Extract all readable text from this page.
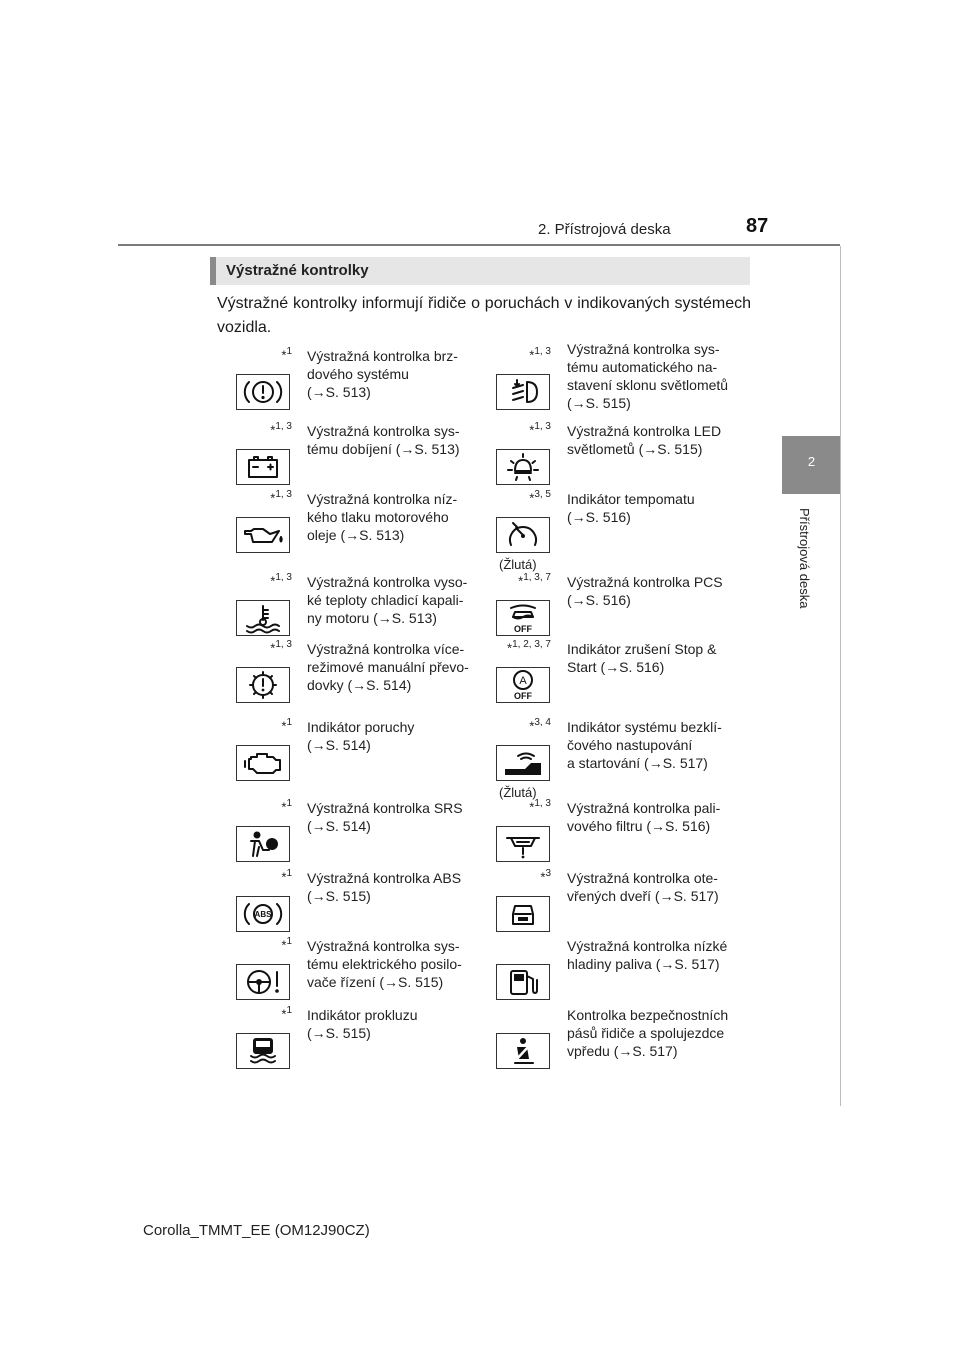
2. Přístrojová deska	87
2
Přístrojová deska
Výstražné kontrolky
Výstražné kontrolky informují řidiče o poruchách v indikovaných systémech vozidla.
*$^1$ Výstražná kontrolka brz-
dového systému
(→S. 513)
*$^{1, 3}$ Výstražná kontrolka sys-
tému dobíjení (→S. 513)
*$^{1, 3}$ Výstražná kontrolka níz-
kého tlaku motorového
oleje (→S. 513)
*$^{1, 3}$ Výstražná kontrolka vyso-
ké teploty chladicí kapali-
ny motoru (→S. 513)
*$^{1, 3}$ Výstražná kontrolka více-
režimové manuální převo-
dovky (→S. 514)
*$^1$ Indikátor poruchy
(→S. 514)
*$^1$ Výstražná kontrolka SRS
(→S. 514)
*$^1$
ABS
Výstražná kontrolka ABS
(→S. 515)
*$^1$ Výstražná kontrolka sys-
tému elektrického posilo-
vače řízení (→S. 515)
*$^1$ Indikátor prokluzu
(→S. 515)
*$^{1, 3}$ Výstražná kontrolka sys-
tému automatického na-
stavení sklonu světlometů
(→S. 515)
*$^{1, 3}$ Výstražná kontrolka LED
světlometů (→S. 515)
*$^{3, 5}$
(Žlutá)
Indikátor tempomatu
(→S. 516)
*$^{1, 3, 7}$
OFF
Výstražná kontrolka PCS
(→S. 516)
*$^{1, 2, 3, 7}$
A
OFF
Indikátor zrušení Stop &
Start (→S. 516)
*$^{3, 4}$
(Žlutá)
Indikátor systému bezklí-
čového nastupování
a startování (→S. 517)
*$^{1, 3}$ Výstražná kontrolka pali-
vového filtru (→S. 516)
*$^3$ Výstražná kontrolka ote-
vřených dveří (→S. 517)
Výstražná kontrolka nízké
hladiny paliva (→S. 517)
Kontrolka bezpečnostních
pásů řidiče a spolujezdce
vpředu (→S. 517)
Corolla_TMMT_EE (OM12J90CZ)
